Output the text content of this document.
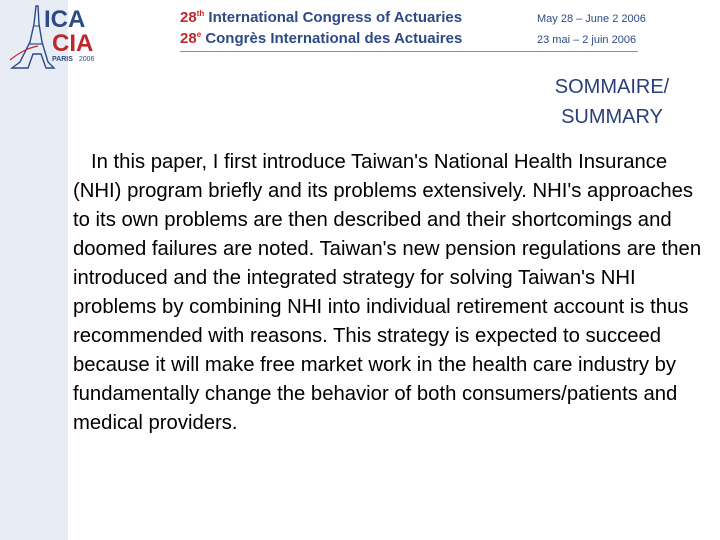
ICA
CIA
PARIS 2006
28th International Congress of Actuaries
28e Congrès International des Actuaires
May 28 – June 2 2006
23 mai – 2 juin 2006
SOMMAIRE/
SUMMARY

In this paper, I first introduce Taiwan's National Health Insurance (NHI) program briefly and its problems extensively. NHI's approaches to its own problems are then described and their shortcomings and doomed failures are noted. Taiwan's new pension regulations are then introduced and the integrated strategy for solving Taiwan's NHI problems by combining NHI into individual retirement account is thus recommended with reasons. This strategy is expected to succeed because it will make free market work in the health care industry by fundamentally change the behavior of both consumers/patients and medical providers.
